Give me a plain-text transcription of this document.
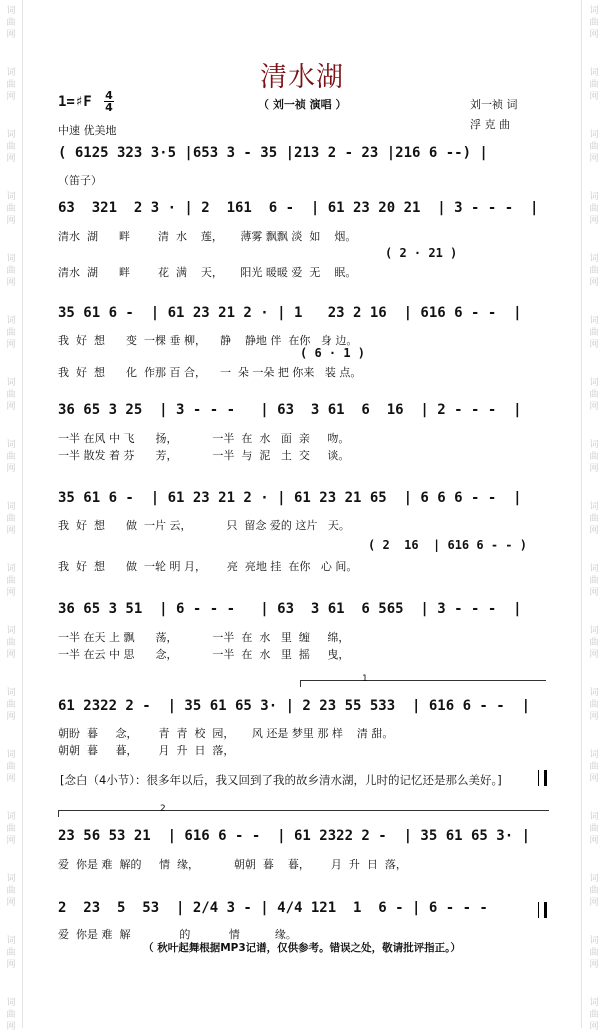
词
曲
网
词
曲
网
词
曲
网
词
曲
网
词
曲
网
词
曲
网
词
曲
网
词
曲
网
词
曲
网
词
曲
网
词
曲
网
词
曲
网
词
曲
网
词
曲
网
词
曲
网
词
曲
网
词
曲
网
词
曲
网
词
曲
网
词
曲
网
词
曲
网
词
曲
网
词
曲
网
词
曲
网
词
曲
网
词
曲
网
词
曲
网
词
曲
网
词
曲
网
词
曲
网
词
曲
网
词
曲
网
词
曲
网
词
曲
网
清水湖
（ 刘一祯 演唱 ）
1=♯F 4
4
中速 优美地
刘一祯 词
浮 克 曲
( 6125 323 3·5 |653 3 - 35 |213 2 - 23 |216 6 --) |
（笛子）
63  321  2 3 · | 2  161  6 -  | 61 23 20 21  | 3 - - -  |
清水  湖      畔        清  水    莲，     薄雾 飘飘 淡  如    烟。
( 2 · 21 )
清水  湖      畔        花  满    天，     阳光 暖暖 爱  无    眠。
35 61 6 -  | 61 23 21 2 · | 1   23 2 16  | 616 6 - -  |
我  好  想      变  一棵 垂 柳，    静    静地 伴  在你   身 边。
( 6 · 1 )
我  好  想      化  作那 百 合，    一  朵 一朵 把 你来   装 点。
36 65 3 25  | 3 - - -   | 63  3 61  6  16  | 2 - - -  |
一半 在风 中 飞      扬，          一半  在  水   面  亲     吻。
一半 散发 着 芬      芳，          一半  与  泥   土  交     谈。
35 61 6 -  | 61 23 21 2 · | 61 23 21 65  | 6 6 6 - -  |
我  好  想      做  一片 云，          只  留念 爱的 这片   天。
( 2  16  | 616 6 - - )
我  好  想      做  一轮 明 月，      亮  亮地 挂  在你   心 间。
36 65 3 51  | 6 - - -   | 63  3 61  6 565  | 3 - - -  |
一半 在天 上 飘      荡，          一半  在  水   里  缠     绵，
一半 在云 中 思      念，          一半  在  水   里  摇     曳，
1
61 2322 2 -  | 35 61 65 3· | 2 23 55 533  | 616 6 - -  |
朝盼  暮     念，      青  青  校  园，     风 还是 梦里 那 样    清 甜。
朝朝  暮     暮，      月  升  日  落，
[念白（4小节）：很多年以后，我又回到了我的故乡清水湖，儿时的记忆还是那么美好。]
2
23 56 53 21  | 616 6 - -  | 61 2322 2 -  | 35 61 65 3· |
爱  你是 难  解的     情  缘，          朝朝  暮    暮，      月  升  日  落，
2  23  5  53  | 2/4 3 - | 4/4 121  1  6 - | 6 - - -
爱  你是 难  解              的           情          缘。
（ 秋叶起舞根据MP3记谱，仅供参考。错误之处，敬请批评指正。）
